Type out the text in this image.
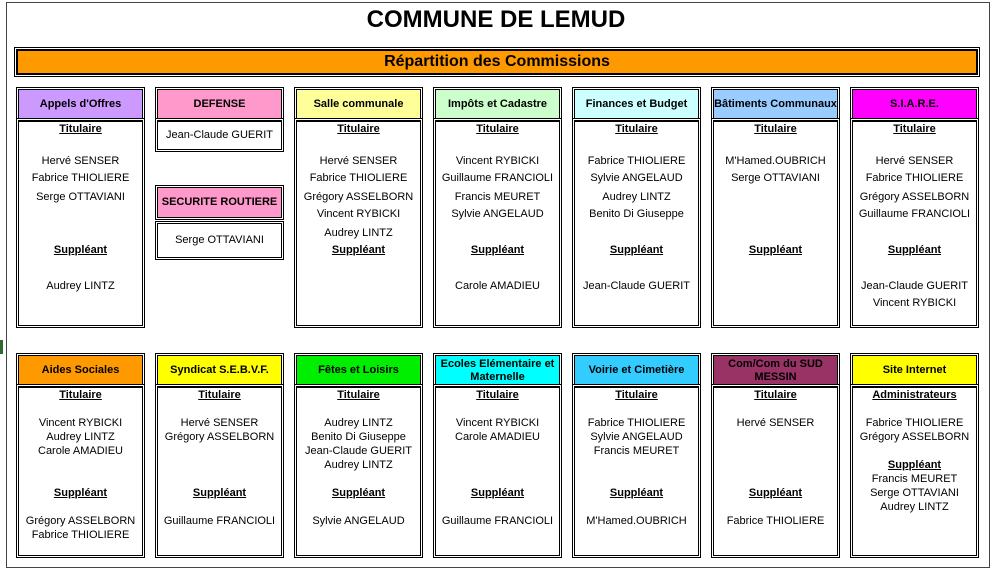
COMMUNE DE LEMUD
Répartition des Commissions
Appels d'Offres
Titulaire
Hervé SENSER
Fabrice THIOLIERE
Serge OTTAVIANI
Suppléant
Audrey LINTZ
DEFENSE
Jean-Claude GUERIT
SECURITE ROUTIERE
Serge OTTAVIANI
Salle communale
Titulaire
Hervé SENSER
Fabrice THIOLIERE
Grégory ASSELBORN
Vincent RYBICKI
Audrey LINTZ
Suppléant
Impôts et Cadastre
Titulaire
Vincent RYBICKI
Guillaume FRANCIOLI
Francis MEURET
Sylvie ANGELAUD
Suppléant
Carole AMADIEU
Finances et Budget
Titulaire
Fabrice THIOLIERE
Sylvie ANGELAUD
Audrey LINTZ
Benito Di Giuseppe
Suppléant
Jean-Claude GUERIT
Bâtiments Communaux
Titulaire
M'Hamed.OUBRICH
Serge OTTAVIANI
Suppléant
S.I.A.R.E.
Titulaire
Hervé SENSER
Fabrice THIOLIERE
Grégory ASSELBORN
Guillaume FRANCIOLI
Suppléant
Jean-Claude GUERIT
Vincent RYBICKI
Aides Sociales
Titulaire
Vincent RYBICKI
Audrey LINTZ
Carole AMADIEU
Suppléant
Grégory ASSELBORN
Fabrice THIOLIERE
Syndicat S.E.B.V.F.
Titulaire
Hervé SENSER
Grégory ASSELBORN
Suppléant
Guillaume FRANCIOLI
Fêtes et Loisirs
Titulaire
Audrey LINTZ
Benito Di Giuseppe
Jean-Claude GUERIT
Audrey LINTZ
Suppléant
Sylvie ANGELAUD
Ecoles Elémentaire et Maternelle
Titulaire
Vincent RYBICKI
Carole AMADIEU
Suppléant
Guillaume FRANCIOLI
Voirie et Cimetière
Titulaire
Fabrice THIOLIERE
Sylvie ANGELAUD
Francis MEURET
Suppléant
M'Hamed.OUBRICH
Com/Com du SUD MESSIN
Titulaire
Hervé SENSER
Suppléant
Fabrice THIOLIERE
Site Internet
Administrateurs
Fabrice THIOLIERE
Grégory ASSELBORN
Suppléant
Francis MEURET
Serge OTTAVIANI
Audrey LINTZ
